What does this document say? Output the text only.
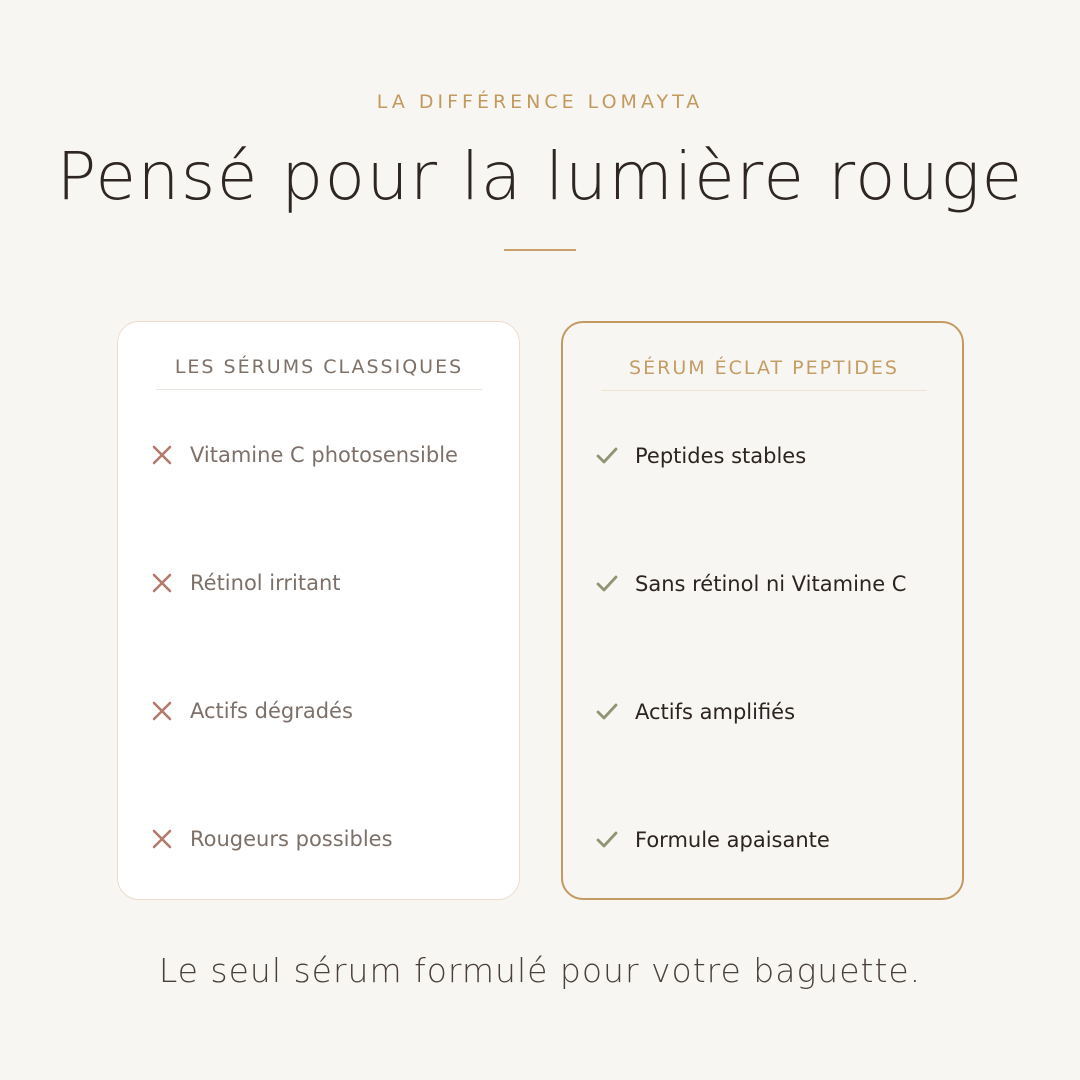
LA DIFFÉRENCE LOMAYTA
Pensé pour la lumière rouge
LES SÉRUMS CLASSIQUES
Vitamine C photosensible
Rétinol irritant
Actifs dégradés
Rougeurs possibles
SÉRUM ÉCLAT PEPTIDES
Peptides stables
Sans rétinol ni Vitamine C
Actifs amplifiés
Formule apaisante

Le seul sérum formulé pour votre baguette.
